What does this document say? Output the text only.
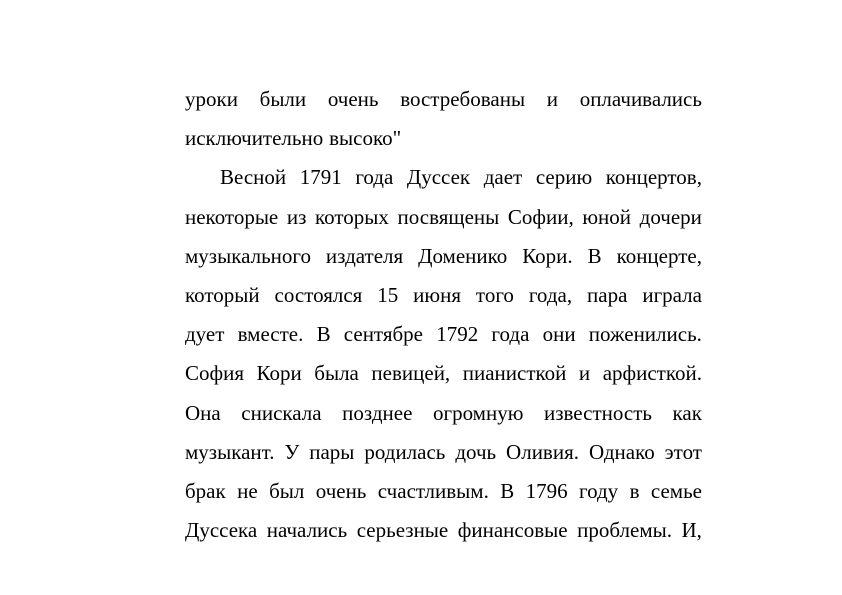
уроки были очень востребованы и оплачивались
исключительно высоко"
Весной 1791 года Дуссек дает серию концертов,
некоторые из которых посвящены Софии, юной дочери
музыкального издателя Доменико Кори. В концерте,
который состоялся 15 июня того года, пара играла
дует вместе. В сентябре 1792 года они поженились.
София Кори была певицей, пианисткой и арфисткой.
Она снискала позднее огромную известность как
музыкант. У пары родилась дочь Оливия. Однако этот
брак не был очень счастливым. В 1796 году в семье
Дуссека начались серьезные финансовые проблемы. И,
